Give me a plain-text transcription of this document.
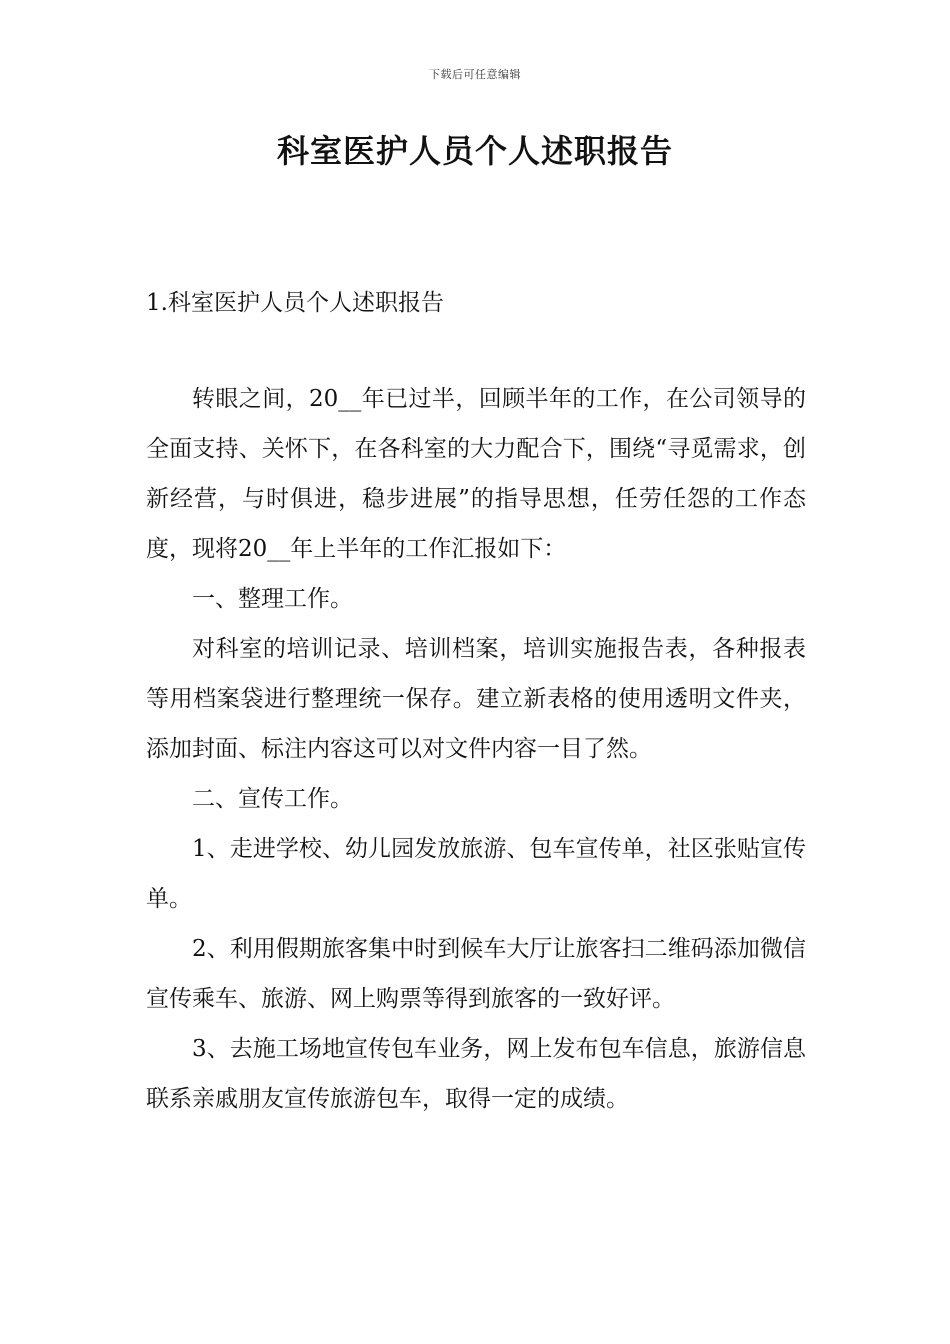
下载后可任意编辑
科室医护人员个人述职报告
1.科室医护人员个人述职报告

转眼之间，20__年已过半，回顾半年的工作，在公司领导的全面支持、关怀下，在各科室的大力配合下，围绕“寻觅需求，创新经营，与时俱进，稳步进展”的指导思想，任劳任怨的工作态度，现将20__年上半年的工作汇报如下：

一、整理工作。

对科室的培训记录、培训档案，培训实施报告表，各种报表等用档案袋进行整理统一保存。建立新表格的使用透明文件夹，添加封面、标注内容这可以对文件内容一目了然。

二、宣传工作。

1、走进学校、幼儿园发放旅游、包车宣传单，社区张贴宣传单。

2、利用假期旅客集中时到候车大厅让旅客扫二维码添加微信宣传乘车、旅游、网上购票等得到旅客的一致好评。

3、去施工场地宣传包车业务，网上发布包车信息，旅游信息联系亲戚朋友宣传旅游包车，取得一定的成绩。
